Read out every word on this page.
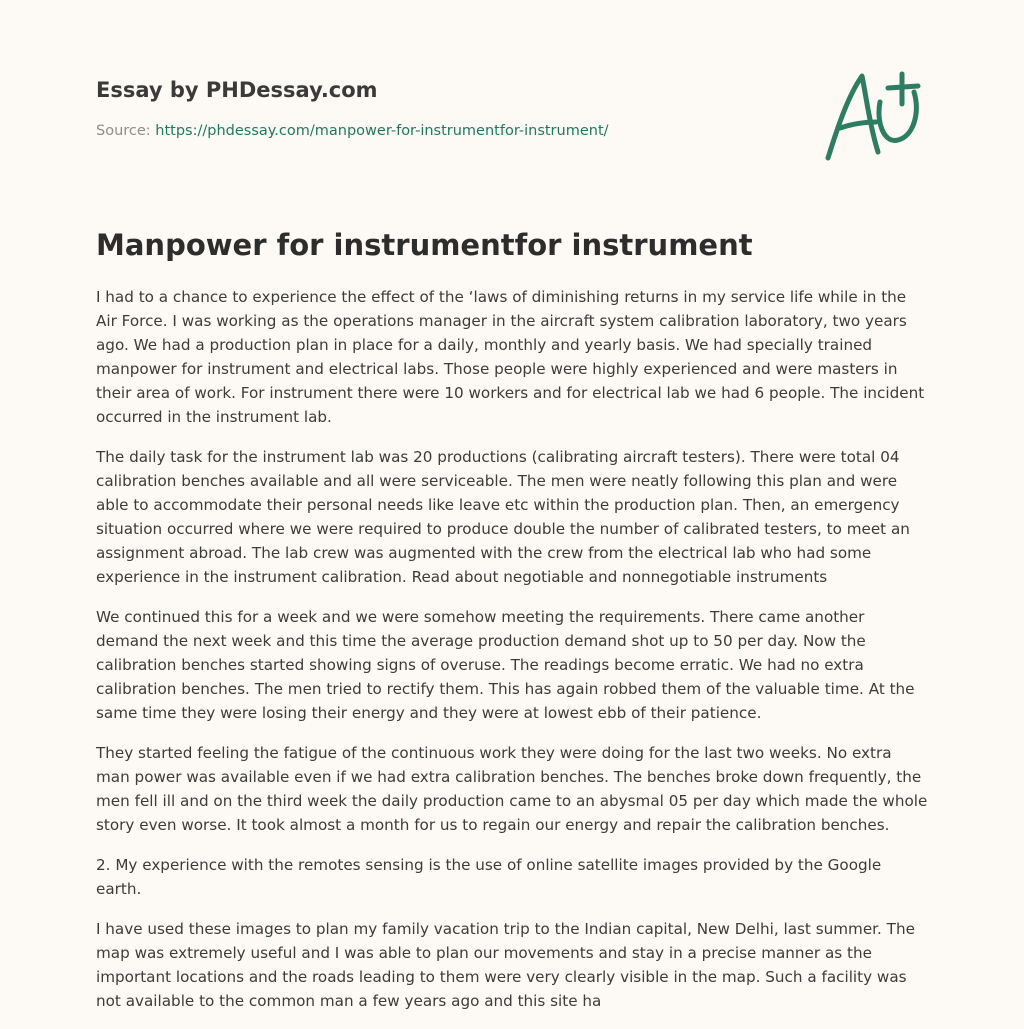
Essay by PHDessay.com
Source: https://phdessay.com/manpower-for-instrumentfor-instrument/
Manpower for instrumentfor instrument

I had to a chance to experience the effect of the ‘laws of diminishing returns in my service life while in the Air Force. I was working as the operations manager in the aircraft system calibration laboratory, two years ago. We had a production plan in place for a daily, monthly and yearly basis. We had specially trained manpower for instrument and electrical labs. Those people were highly experienced and were masters in their area of work. For instrument there were 10 workers and for electrical lab we had 6 people. The incident occurred in the instrument lab.

The daily task for the instrument lab was 20 productions (calibrating aircraft testers). There were total 04 calibration benches available and all were serviceable. The men were neatly following this plan and were able to accommodate their personal needs like leave etc within the production plan. Then, an emergency situation occurred where we were required to produce double the number of calibrated testers, to meet an assignment abroad. The lab crew was augmented with the crew from the electrical lab who had some experience in the instrument calibration. Read about negotiable and nonnegotiable instruments

We continued this for a week and we were somehow meeting the requirements. There came another demand the next week and this time the average production demand shot up to 50 per day. Now the calibration benches started showing signs of overuse. The readings become erratic. We had no extra calibration benches. The men tried to rectify them. This has again robbed them of the valuable time. At the same time they were losing their energy and they were at lowest ebb of their patience.

They started feeling the fatigue of the continuous work they were doing for the last two weeks. No extra man power was available even if we had extra calibration benches. The benches broke down frequently, the men fell ill and on the third week the daily production came to an abysmal 05 per day which made the whole story even worse. It took almost a month for us to regain our energy and repair the calibration benches.

2. My experience with the remotes sensing is the use of online satellite images provided by the Google earth.

I have used these images to plan my family vacation trip to the Indian capital, New Delhi, last summer. The map was extremely useful and I was able to plan our movements and stay in a precise manner as the important locations and the roads leading to them were very clearly visible in the map. Such a facility was not available to the common man a few years ago and this site ha
